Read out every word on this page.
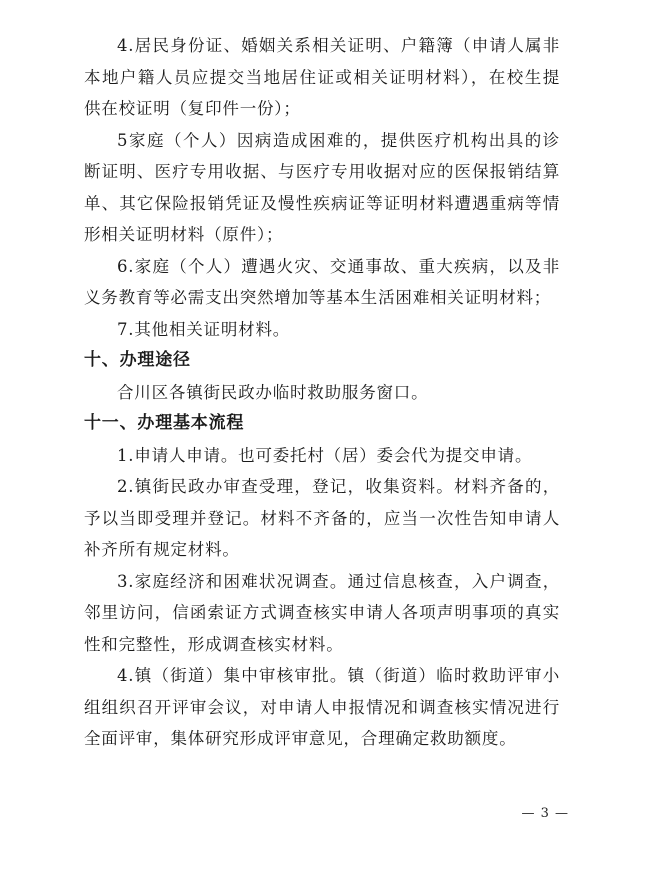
4.居民身份证、婚姻关系相关证明、户籍簿（申请人属非本地户籍人员应提交当地居住证或相关证明材料），在校生提供在校证明（复印件一份）；

5家庭（个人）因病造成困难的，提供医疗机构出具的诊断证明、医疗专用收据、与医疗专用收据对应的医保报销结算单、其它保险报销凭证及慢性疾病证等证明材料遭遇重病等情形相关证明材料（原件）；

6.家庭（个人）遭遇火灾、交通事故、重大疾病，以及非义务教育等必需支出突然增加等基本生活困难相关证明材料；

7.其他相关证明材料。

十、办理途径

合川区各镇街民政办临时救助服务窗口。

十一、办理基本流程

1.申请人申请。也可委托村（居）委会代为提交申请。

2.镇街民政办审查受理，登记，收集资料。材料齐备的，予以当即受理并登记。材料不齐备的，应当一次性告知申请人补齐所有规定材料。

3.家庭经济和困难状况调查。通过信息核查，入户调查，邻里访问，信函索证方式调查核实申请人各项声明事项的真实性和完整性，形成调查核实材料。

4.镇（街道）集中审核审批。镇（街道）临时救助评审小组组织召开评审会议，对申请人申报情况和调查核实情况进行全面评审，集体研究形成评审意见，合理确定救助额度。

— 3 —
